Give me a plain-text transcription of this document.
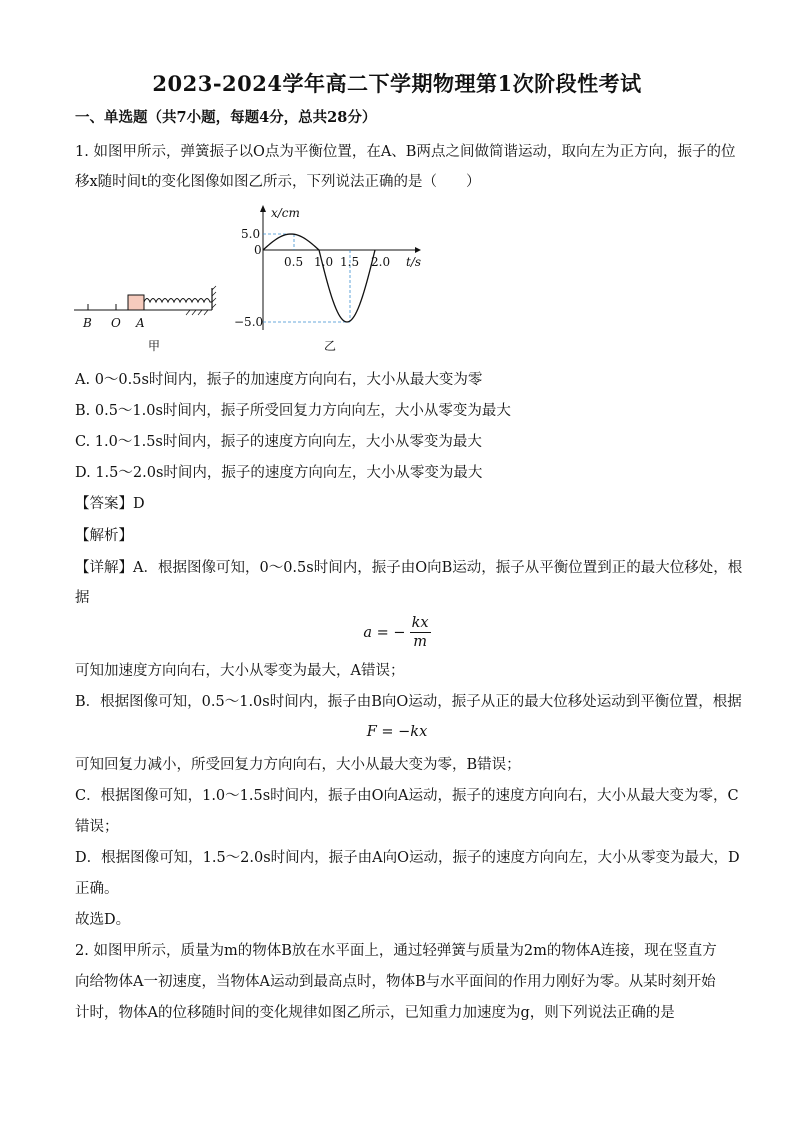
2023-2024学年高二下学期物理第1次阶段性考试
一、单选题（共7小题，每题4分，总共28分）
1. 如图甲所示，弹簧振子以O点为平衡位置，在A、B两点之间做简谐运动，取向左为正方向，振子的位
移x随时间t的变化图像如图乙所示，下列说法正确的是（　　）
B O A
甲
x/cm
5.0
0
−5.0
0.5 1.0 1.5 2.0 t/s
乙
A. 0～0.5s时间内，振子的加速度方向向右，大小从最大变为零
B. 0.5～1.0s时间内，振子所受回复力方向向左，大小从零变为最大
C. 1.0～1.5s时间内，振子的速度方向向左，大小从零变为最大
D. 1.5～2.0s时间内，振子的速度方向向左，大小从零变为最大
【答案】D
【解析】
【详解】A．根据图像可知，0～0.5s时间内，振子由O向B运动，振子从平衡位置到正的最大位移处，根
据
a = − $\frac{kx}{m}$
可知加速度方向向右，大小从零变为最大，A错误；
B．根据图像可知，0.5～1.0s时间内，振子由B向O运动，振子从正的最大位移处运动到平衡位置，根据
F = −kx
可知回复力减小，所受回复力方向向右，大小从最大变为零，B错误；
C．根据图像可知，1.0～1.5s时间内，振子由O向A运动，振子的速度方向向右，大小从最大变为零，C
错误；
D．根据图像可知，1.5～2.0s时间内，振子由A向O运动，振子的速度方向向左，大小从零变为最大，D
正确。
故选D。
2. 如图甲所示，质量为m的物体B放在水平面上，通过轻弹簧与质量为2m的物体A连接，现在竖直方
向给物体A一初速度，当物体A运动到最高点时，物体B与水平面间的作用力刚好为零。从某时刻开始
计时，物体A的位移随时间的变化规律如图乙所示，已知重力加速度为g，则下列说法正确的是
